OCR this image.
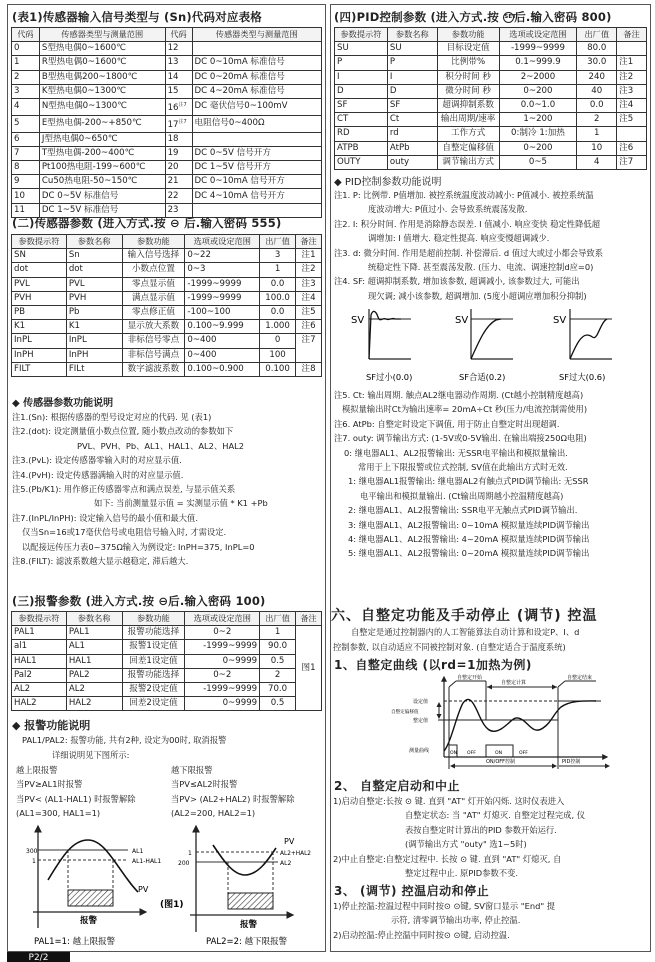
(表1)传感器输入信号类型与 (Sn)代码对应表格
代码	传感器类型与测量范围	代码	传感器类型与测量范围
0	S型热电偶0~1600℃	12	
1	R型热电偶0~1600℃	13	DC 0~10mA 标准信号
2	B型热电偶200~1800℃	14	DC 0~20mA 标准信号
3	K型热电偶0~1300℃	15	DC 4~20mA 标准信号
4	N型热电偶0~1300℃	16$^{注7}$	DC 毫伏信号0~100mV
5	E型热电偶-200~+850℃	17$^{注7}$	电阻信号0~400Ω
6	J型热电偶0~650℃	18	
7	T型热电偶-200~400℃	19	DC 0~5V 信号开方
8	Pt100热电阻-199~600℃	20	DC 1~5V 信号开方
9	Cu50热电阻-50~150℃	21	DC 0~10mA 信号开方
10	DC 0~5V 标准信号	22	DC 4~10mA 信号开方
11	DC 1~5V 标准信号	23	
(二)传感器参数 (进入方式.按 ⊖ 后.输入密码 555)
参数提示符	参数名称	参数功能	选项或设定范围	出厂值	备注
SN	Sn	输入信号选择	0~22	3	注1
dot	dot	小数点位置	0~3	1	注2
PVL	PVL	零点显示值	-1999~9999	0.0	注3
PVH	PVH	满点显示值	-1999~9999	100.0	注4
PB	Pb	零点修正值	-100~100	0.0	注5
K1	K1	显示放大系数	0.100~9.999	1.000	注6
InPL	InPL	非标信号零点	0~400	0	注7
InPH	InPH	非标信号满点	0~400	100	
FILT	FILt	数字滤波系数	0.100~0.900	0.100	注8
◆ 传感器参数功能说明
注1.(Sn): 根据传感器的型号设定对应的代码. 见 (表1)
注2.(dot): 设定测量值小数点位置, 随小数点改动的参数如下
PVL、PVH、Pb、AL1、HAL1、AL2、HAL2
注3.(PvL): 设定传感器零输入时的对应显示值.
注4.(PvH): 设定传感器满输入时的对应显示值.
注5.(Pb/K1): 用作修正传感器零点和满点误差, 与显示值关系
如下: 当前测量显示值 = 实测显示值 * K1 +Pb
注7.(InPL/InPH): 设定输入信号的最小值和最大值.
仅当Sn=16或17毫伏信号或电阻信号输入时, 才需设定.
以配接远传压力表0~375Ω输入为例设定: InPH=375, InPL=0
注8.(FILT): 滤波系数越大显示越稳定, 滞后越大.
(三)报警参数 (进入方式.按 ⊖后.输入密码 100)
参数提示符	参数名称	参数功能	选项或设定范围	出厂值	备注
PAL1	PAL1	报警功能选择	0~2	1	图1
al1	AL1	报警1设定值	-1999~9999	90.0	
HAL1	HAL1	回差1设定值	0~9999	0.5	
Pal2	PAL2	报警功能选择	0~2	2	
AL2	AL2	报警2设定值	-1999~9999	70.0	
HAL2	HAL2	回差2设定值	0~9999	0.5	
◆ 报警功能说明
PAL1/PAL2: 报警功能, 共有2种, 设定为00时, 取消报警
详细说明见下图所示:
越上限报警
当PV≥AL1时报警
当PV< (AL1-HAL1) 时报警解除
(AL1=300, HAL1=1)
越下限报警
当PV≤AL2时报警
当PV> (AL2+HAL2) 时报警解除
(AL2=200, HAL2=1)
300
1
AL1
AL1-HAL1
PV
报警
PAL1=1: 越上限报警
(图1)
1
200
AL2+HAL2
AL2
PV
报警
PAL2=2: 越下限报警
(四)PID控制参数 (进入方式.按 SET后.输入密码 800)
参数提示符	参数名称	参数功能	选项或设定范围	出厂值	备注
SU	SU	目标设定值	-1999~9999	80.0	
P	P	比例带%	0.1~999.9	30.0	注1
I	I	积分时间 秒	2~2000	240	注2
D	D	微分时间 秒	0~200	40	注3
SF	SF	超调抑制系数	0.0~1.0	0.0	注4
CT	Ct	输出周期/速率	1~200	2	注5
RD	rd	工作方式	0:制冷 1:加热	1	
ATPB	AtPb	自整定偏移值	0~200	10	注6
OUTY	outy	调节输出方式	0~5	4	注7
◆ PID控制参数功能说明
注1. P: 比例带. P值增加. 被控系统温度波动减小: P值减小. 被控系统温
度波动增大: P值过小. 会导致系统震荡发散.
注2. I: 积分时间. 作用是消除静态误差. I 值减小. 响应变快 稳定性降低超
调增加: I 值增大. 稳定性提高. 响应变慢超调减少.
注3. d: 微分时间. 作用是超前控制. 补偿滞后. d 值过大或过小都会导致系
统稳定性下降. 甚至震荡发散. (压力、电流、调速控制d应=0)
注4. SF: 超调抑制系数, 增加该参数, 超调减小, 该参数过大, 可能出
现欠调; 减小该参数, 超调增加. (5度小超调应增加积分抑制)
SV
SF过小(0.0)
SV
SF合适(0.2)
SV
SF过大(0.6)
注5. Ct: 输出周期. 触点AL2继电器动作周期. (Ct越小控制精度越高)
模拟量输出时Ct为输出速率= 20mA÷Ct 秒(压力/电流控制需使用)
注6. AtPb: 自整定时设定下调值, 用于防止自整定时出现超调.
注7. outy: 调节输出方式: (1-5V或0-5V输出. 在输出端接250Ω电阻)
0: 继电器AL1、AL2报警输出: 无SSR电平输出和模拟量输出.
常用于上下限报警或位式控制, SV值在此输出方式时无效.
1: 继电器AL1报警输出: 继电器AL2有触点式PID调节输出: 无SSR
电平输出和模拟量输出. (Ct输出周期越小控温精度越高)
2: 继电器AL1、AL2报警输出: SSR电平无触点式PID调节输出.
3: 继电器AL1、AL2报警输出: 0~10mA 模拟量连续PID调节输出
4: 继电器AL1、AL2报警输出: 4~20mA 模拟量连续PID调节输出
5: 继电器AL1、AL2报警输出: 0~20mA 模拟量连续PID调节输出
六、自整定功能及手动停止 (调节) 控温
自整定是通过控制器内的人工智能算法自动计算和设定P、I、d
控制参数, 以自动适应不同被控制对象. (自整定适合于温度系统)
1、自整定曲线 (以rd=1加热为例)
自整定开始
自整定计算
自整定结束
设定值
自整定偏移值
整定值
测量曲线	ON OFF	ON	OFF
ON/OFF控制	PID控制
2、 自整定启动和中止
1)启动自整定:长按 ⊙ 键. 直到 "AT" 灯开始闪烁. 这时仪表进入
自整定状态: 当 "AT" 灯熄灭. 自整定过程完成, 仪
表按自整定时计算出的PID 参数开始运行.
(调节输出方式 "outy" 选1~5时)
2)中止自整定:自整定过程中. 长按 ⊙ 键. 直到 "AT" 灯熄灭, 自
整定过程中止. 原PID参数不变.
3、 (调节) 控温启动和停止
1)停止控温:控温过程中同时按⊙ ⊙键, SV窗口显示 "End" 提
示符, 清零调节输出功率, 停止控温.
2)启动控温:停止控温中同时按⊙ ⊙键, 启动控温.
P2/2
